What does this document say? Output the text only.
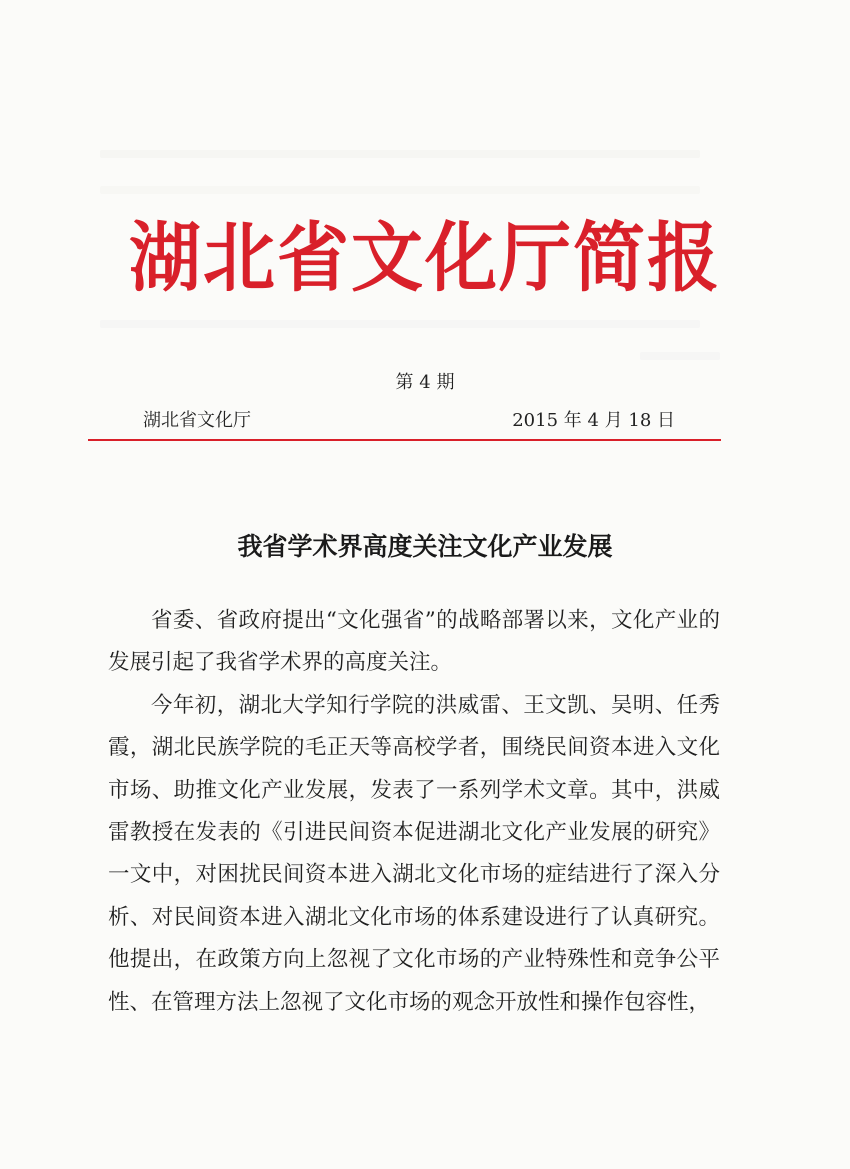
湖北省文化厅简报
第 4 期
湖北省文化厅	2015 年 4 月 18 日
我省学术界高度关注文化产业发展

省委、省政府提出“文化强省”的战略部署以来，文化产业的发展引起了我省学术界的高度关注。

今年初，湖北大学知行学院的洪威雷、王文凯、吴明、任秀霞，湖北民族学院的毛正天等高校学者，围绕民间资本进入文化市场、助推文化产业发展，发表了一系列学术文章。其中，洪威雷教授在发表的《引进民间资本促进湖北文化产业发展的研究》一文中，对困扰民间资本进入湖北文化市场的症结进行了深入分析、对民间资本进入湖北文化市场的体系建设进行了认真研究。他提出，在政策方向上忽视了文化市场的产业特殊性和竞争公平性、在管理方法上忽视了文化市场的观念开放性和操作包容性，
